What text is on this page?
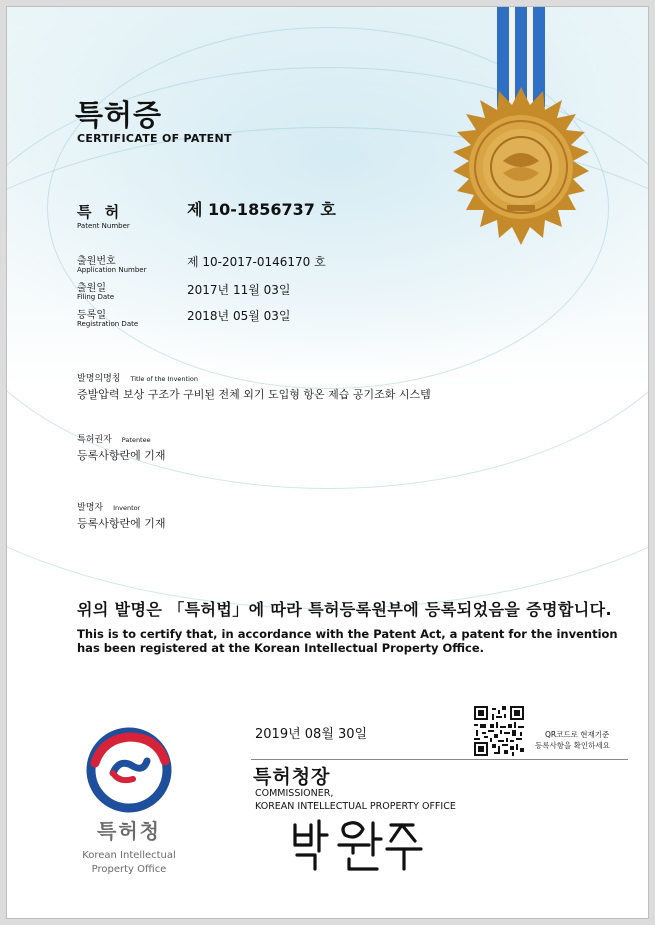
특허증
CERTIFICATE OF PATENT
특 허
Patent Number
제 10-1856737 호
출원번호
Application Number
제 10-2017-0146170 호
출원일
Filing Date	2017년 11월 03일
등록일
Registration Date
2018년 05월 03일
발명의명칭 Title of the Invention
증발압력 보상 구조가 구비된 전체 외기 도입형 항온 제습 공기조화 시스템
특허권자 Patentee
등록사항란에 기재
발명자 Inventor
등록사항란에 기재
위의 발명은 「특허법」에 따라 특허등록원부에 등록되었음을 증명합니다.
This is to certify that, in accordance with the Patent Act, a patent for the invention has been registered at the Korean Intellectual Property Office.
2019년 08월 30일	QR코드로 현재기준
등록사항을 확인하세요
특허청장
COMMISSIONER,
KOREAN INTELLECTUAL PROPERTY OFFICE
특허청
Korean Intellectual
Property Office
